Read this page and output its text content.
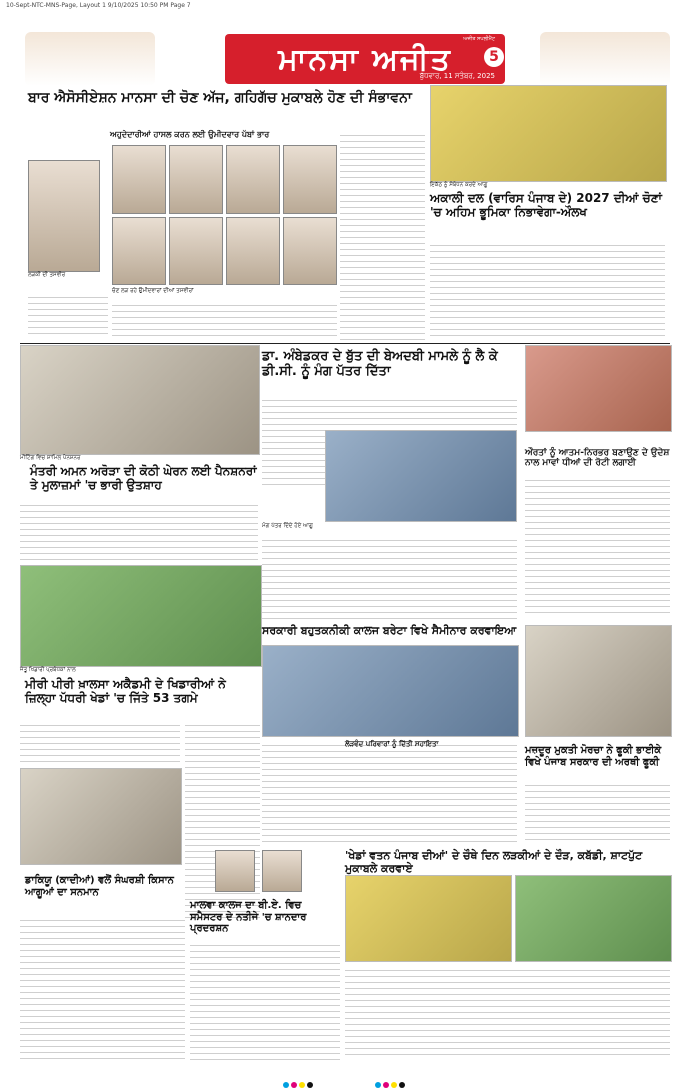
10-Sept-NTC-MNS-Page, Layout 1 9/10/2025 10:50 PM Page 7
ਅਜੀਤ ਸਪਲੀਮੈਂਟ
ਮਾਨਸਾ ਅਜੀਤ
ਬੁੱਧਵਾਰ, 11 ਸਤੰਬਰ, 2025
5
ਬਾਰ ਐਸੋਸੀਏਸ਼ਨ ਮਾਨਸਾ ਦੀ ਚੋਣ ਅੱਜ, ਗਹਿਗੱਚ ਮੁਕਾਬਲੇ ਹੋਣ ਦੀ ਸੰਭਾਵਨਾ
ਅਹੁਦੇਦਾਰੀਆਂ ਹਾਸਲ ਕਰਨ ਲਈ ਉਮੀਦਵਾਰ ਪੱਬਾਂ ਭਾਰ
ਲੜਕੀ ਦੀ ਤਸਵੀਰ
ਚੋਣ ਲੜ ਰਹੇ ਉਮੀਦਵਾਰਾਂ ਦੀਆਂ ਤਸਵੀਰਾਂ
ਇਕੱਠ ਨੂੰ ਸੰਬੋਧਨ ਕਰਦੇ ਆਗੂ
ਅਕਾਲੀ ਦਲ (ਵਾਰਿਸ ਪੰਜਾਬ ਦੇ) 2027 ਦੀਆਂ ਚੋਣਾਂ 'ਚ ਅਹਿਮ ਭੂਮਿਕਾ ਨਿਭਾਵੇਗਾ-ਔਲਖ
ਮੀਟਿੰਗ ਵਿਚ ਸ਼ਾਮਿਲ ਪੈਨਸ਼ਨਰ
ਮੰਤਰੀ ਅਮਨ ਅਰੋੜਾ ਦੀ ਕੋਠੀ ਘੇਰਨ ਲਈ ਪੈਨਸ਼ਨਰਾਂ ਤੇ ਮੁਲਾਜ਼ਮਾਂ 'ਚ ਭਾਰੀ ਉਤਸ਼ਾਹ
ਡਾ. ਅੰਬੇਡਕਰ ਦੇ ਬੁੱਤ ਦੀ ਬੇਅਦਬੀ ਮਾਮਲੇ ਨੂੰ ਲੈ ਕੇ ਡੀ.ਸੀ. ਨੂੰ ਮੰਗ ਪੱਤਰ ਦਿੱਤਾ
ਮੰਗ ਪੱਤਰ ਦਿੰਦੇ ਹੋਏ ਆਗੂ
ਔਰਤਾਂ ਨੂੰ ਆਤਮ-ਨਿਰਭਰ ਬਣਾਉਣ ਦੇ ਉਦੇਸ਼ ਨਾਲ ਮਾਵਾਂ ਧੀਆਂ ਦੀ ਰੋਟੀ ਲਗਾਈ
ਸਰਕਾਰੀ ਬਹੁਤਕਨੀਕੀ ਕਾਲਜ ਬਰੇਟਾ ਵਿਖੇ ਸੈਮੀਨਾਰ ਕਰਵਾਇਆ
ਜੇਤੂ ਖਿਡਾਰੀ ਪ੍ਰਬੰਧਕਾਂ ਨਾਲ
ਮੀਰੀ ਪੀਰੀ ਖ਼ਾਲਸਾ ਅਕੈਡਮੀ ਦੇ ਖਿਡਾਰੀਆਂ ਨੇ ਜ਼ਿਲ੍ਹਾ ਪੱਧਰੀ ਖੇਡਾਂ 'ਚ ਜਿੱਤੇ 53 ਤਗਮੇ
ਡਾਕਿਯੂ (ਕਾਦੀਆਂ) ਵਲੋਂ ਸੰਘਰਸ਼ੀ ਕਿਸਾਨ ਆਗੂਆਂ ਦਾ ਸਨਮਾਨ
ਮਾਲਵਾ ਕਾਲਜ ਦਾ ਬੀ.ਏ. ਵਿਚ ਸਮੈਸਟਰ ਦੇ ਨਤੀਜੇ 'ਚ ਸ਼ਾਨਦਾਰ ਪ੍ਰਦਰਸ਼ਨ
'ਖੇਡਾਂ ਵਤਨ ਪੰਜਾਬ ਦੀਆਂ' ਦੇ ਚੌਥੇ ਦਿਨ ਲੜਕੀਆਂ ਦੇ ਦੌੜ, ਕਬੱਡੀ, ਸ਼ਾਟਪੁੱਟ ਮੁਕਾਬਲੇ ਕਰਵਾਏ
ਮਜ਼ਦੂਰ ਮੁਕਤੀ ਮੋਰਚਾ ਨੇ ਫੂਕੀ ਭਾਈਕੇ ਵਿਖੇ ਪੰਜਾਬ ਸਰਕਾਰ ਦੀ ਅਰਥੀ ਫੂਕੀ
ਲੋੜਵੰਦ ਪਰਿਵਾਰਾਂ ਨੂੰ ਦਿੱਤੀ ਸਹਾਇਤਾ
